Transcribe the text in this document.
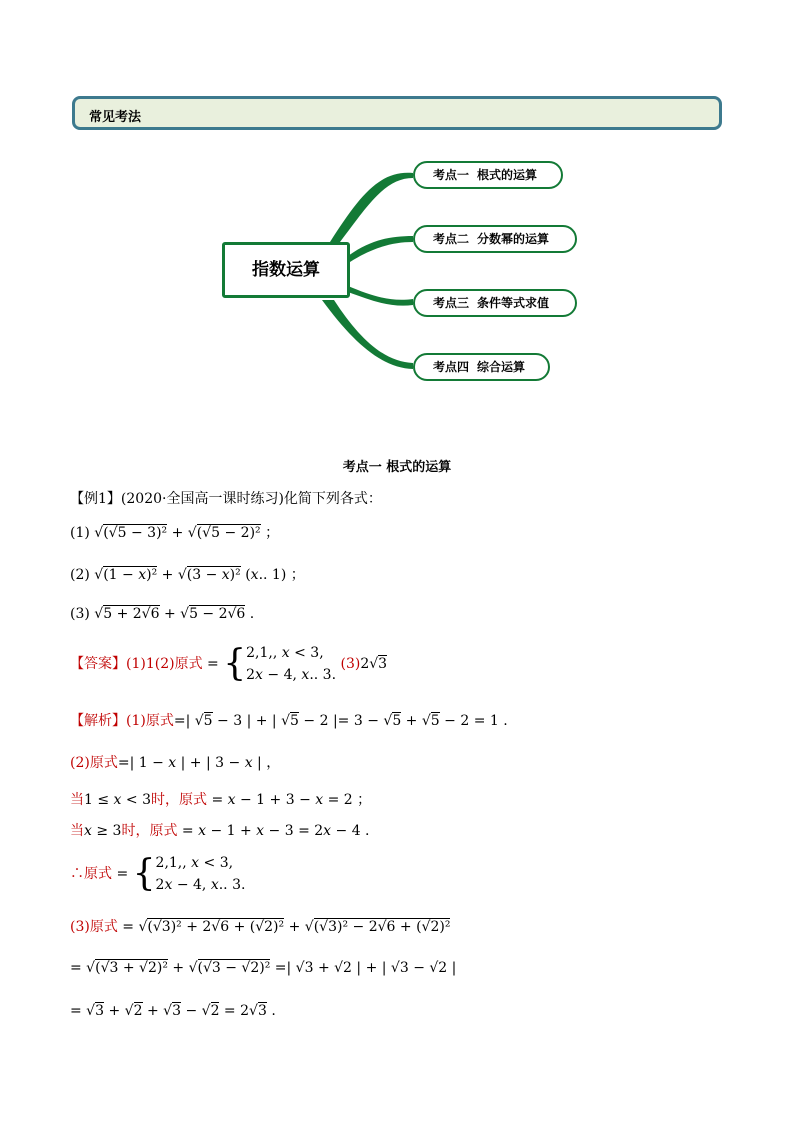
常见考法
指数运算
考点一 根式的运算
考点二 分数幂的运算
考点三 条件等式求值
考点四 综合运算
考点一 根式的运算
【例1】(2020·全国高一课时练习)化简下列各式：
(1) √(√5 − 3)² + √(√5 − 2)² ；
(2) √(1 − x)² + √(3 − x)² (x.. 1) ；
(3) √5 + 2√6 + √5 − 2√6 .
【答案】(1)1(2)原式 = {2,1,, x < 3,
2x − 4, x.. 3. (3)2√3
【解析】(1)原式=| √5 − 3 | + | √5 − 2 |= 3 − √5 + √5 − 2 = 1 .
(2)原式=| 1 − x | + | 3 − x | ，
当1 ≤ x < 3时，原式 = x − 1 + 3 − x = 2 ；
当x ≥ 3时，原式 = x − 1 + x − 3 = 2x − 4 .
∴原式 = {2,1,, x < 3,
2x − 4, x.. 3.
(3)原式 = √(√3)² + 2√6 + (√2)² + √(√3)² − 2√6 + (√2)²
= √(√3 + √2)² + √(√3 − √2)² =| √3 + √2 | + | √3 − √2 |
= √3 + √2 + √3 − √2 = 2√3 .
